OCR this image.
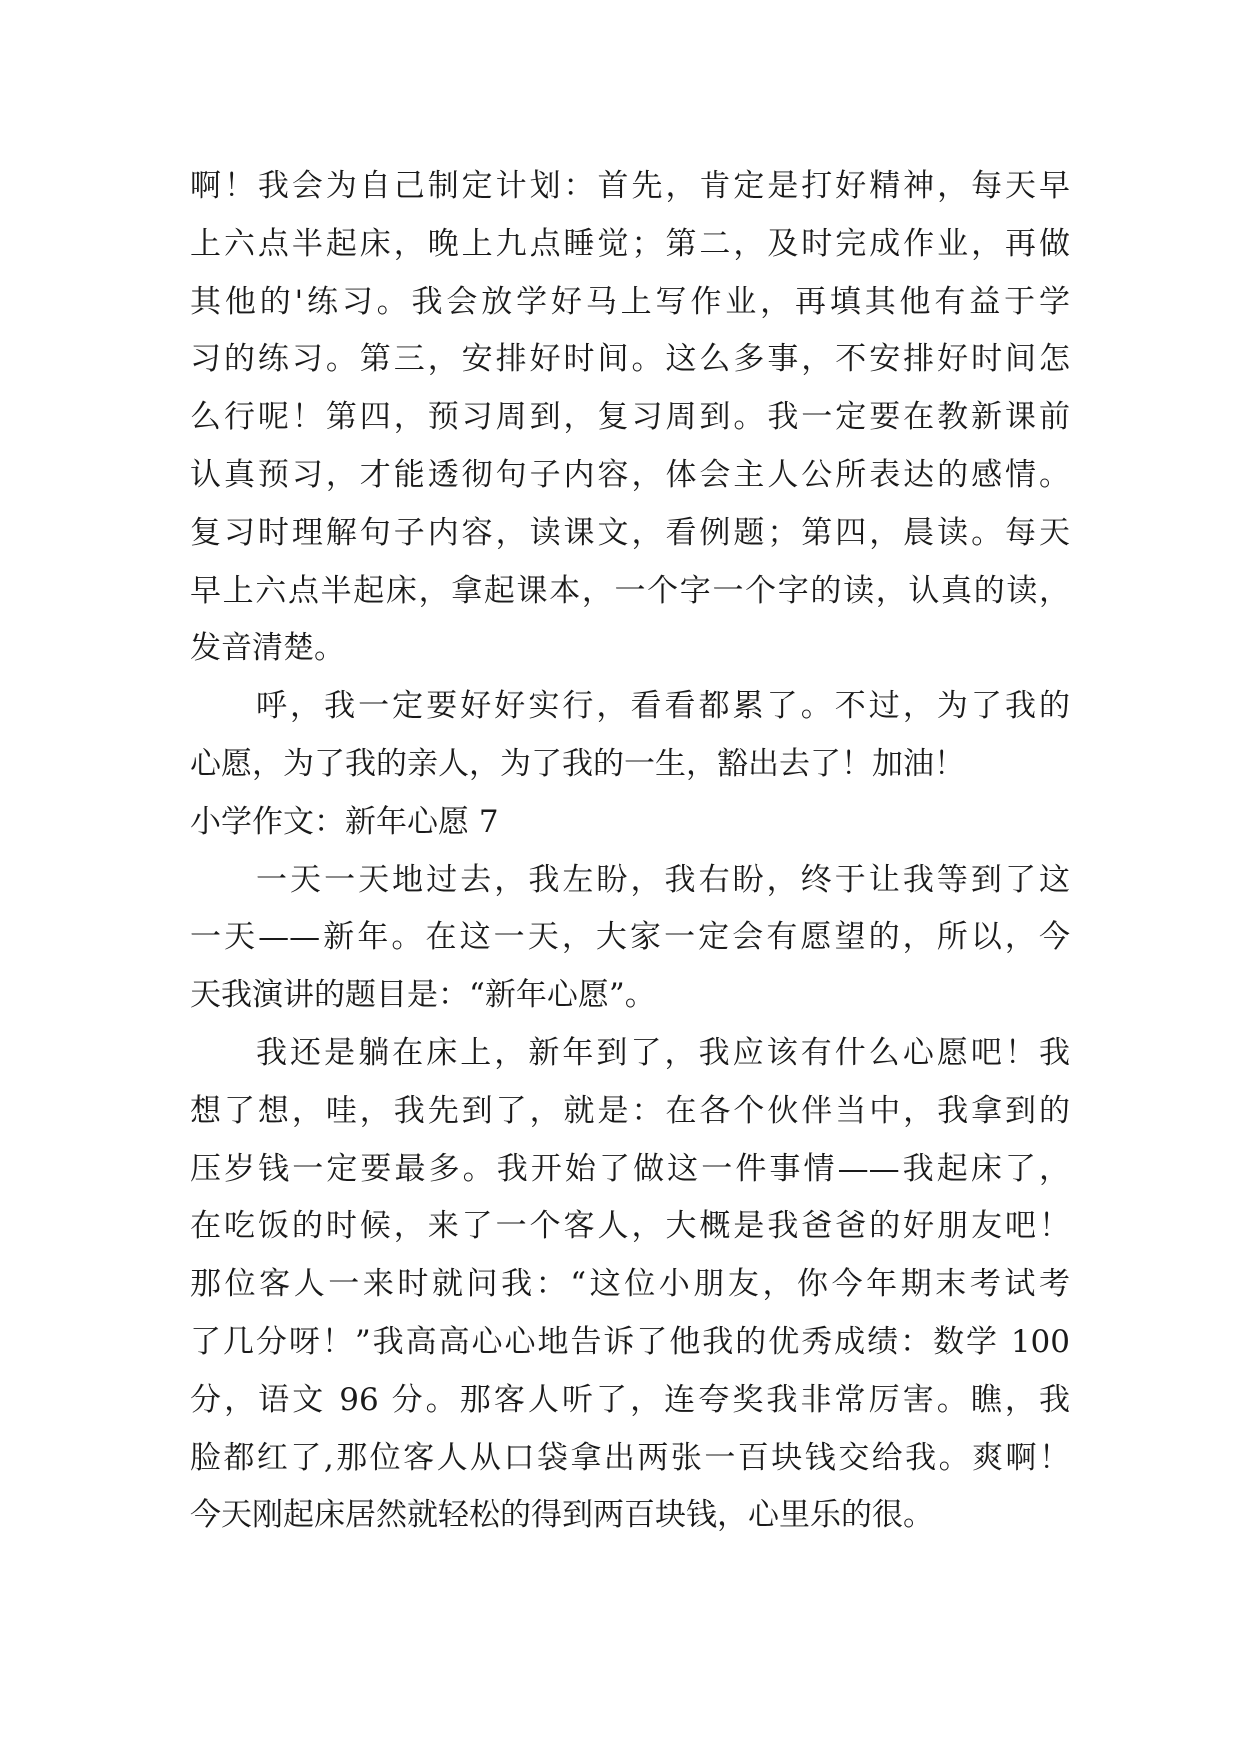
啊！我会为自己制定计划：首先，肯定是打好精神，每天早
上六点半起床，晚上九点睡觉；第二，及时完成作业，再做
其他的'练习。我会放学好马上写作业，再填其他有益于学
习的练习。第三，安排好时间。这么多事，不安排好时间怎
么行呢！第四，预习周到，复习周到。我一定要在教新课前
认真预习，才能透彻句子内容，体会主人公所表达的感情。
复习时理解句子内容，读课文，看例题；第四，晨读。每天
早上六点半起床，拿起课本，一个字一个字的读，认真的读，
发音清楚。
呼，我一定要好好实行，看看都累了。不过，为了我的
心愿，为了我的亲人，为了我的一生，豁出去了！加油！
小学作文：新年心愿 7
一天一天地过去，我左盼，我右盼，终于让我等到了这
一天——新年。在这一天，大家一定会有愿望的，所以，今
天我演讲的题目是：“新年心愿”。
我还是躺在床上，新年到了，我应该有什么心愿吧！我
想了想，哇，我先到了，就是：在各个伙伴当中，我拿到的
压岁钱一定要最多。我开始了做这一件事情——我起床了，
在吃饭的时候，来了一个客人，大概是我爸爸的好朋友吧！
那位客人一来时就问我：“这位小朋友，你今年期末考试考
了几分呀！”我高高心心地告诉了他我的优秀成绩：数学 100
分，语文 96 分。那客人听了，连夸奖我非常厉害。瞧，我
脸都红了,那位客人从口袋拿出两张一百块钱交给我。爽啊！
今天刚起床居然就轻松的得到两百块钱，心里乐的很。
